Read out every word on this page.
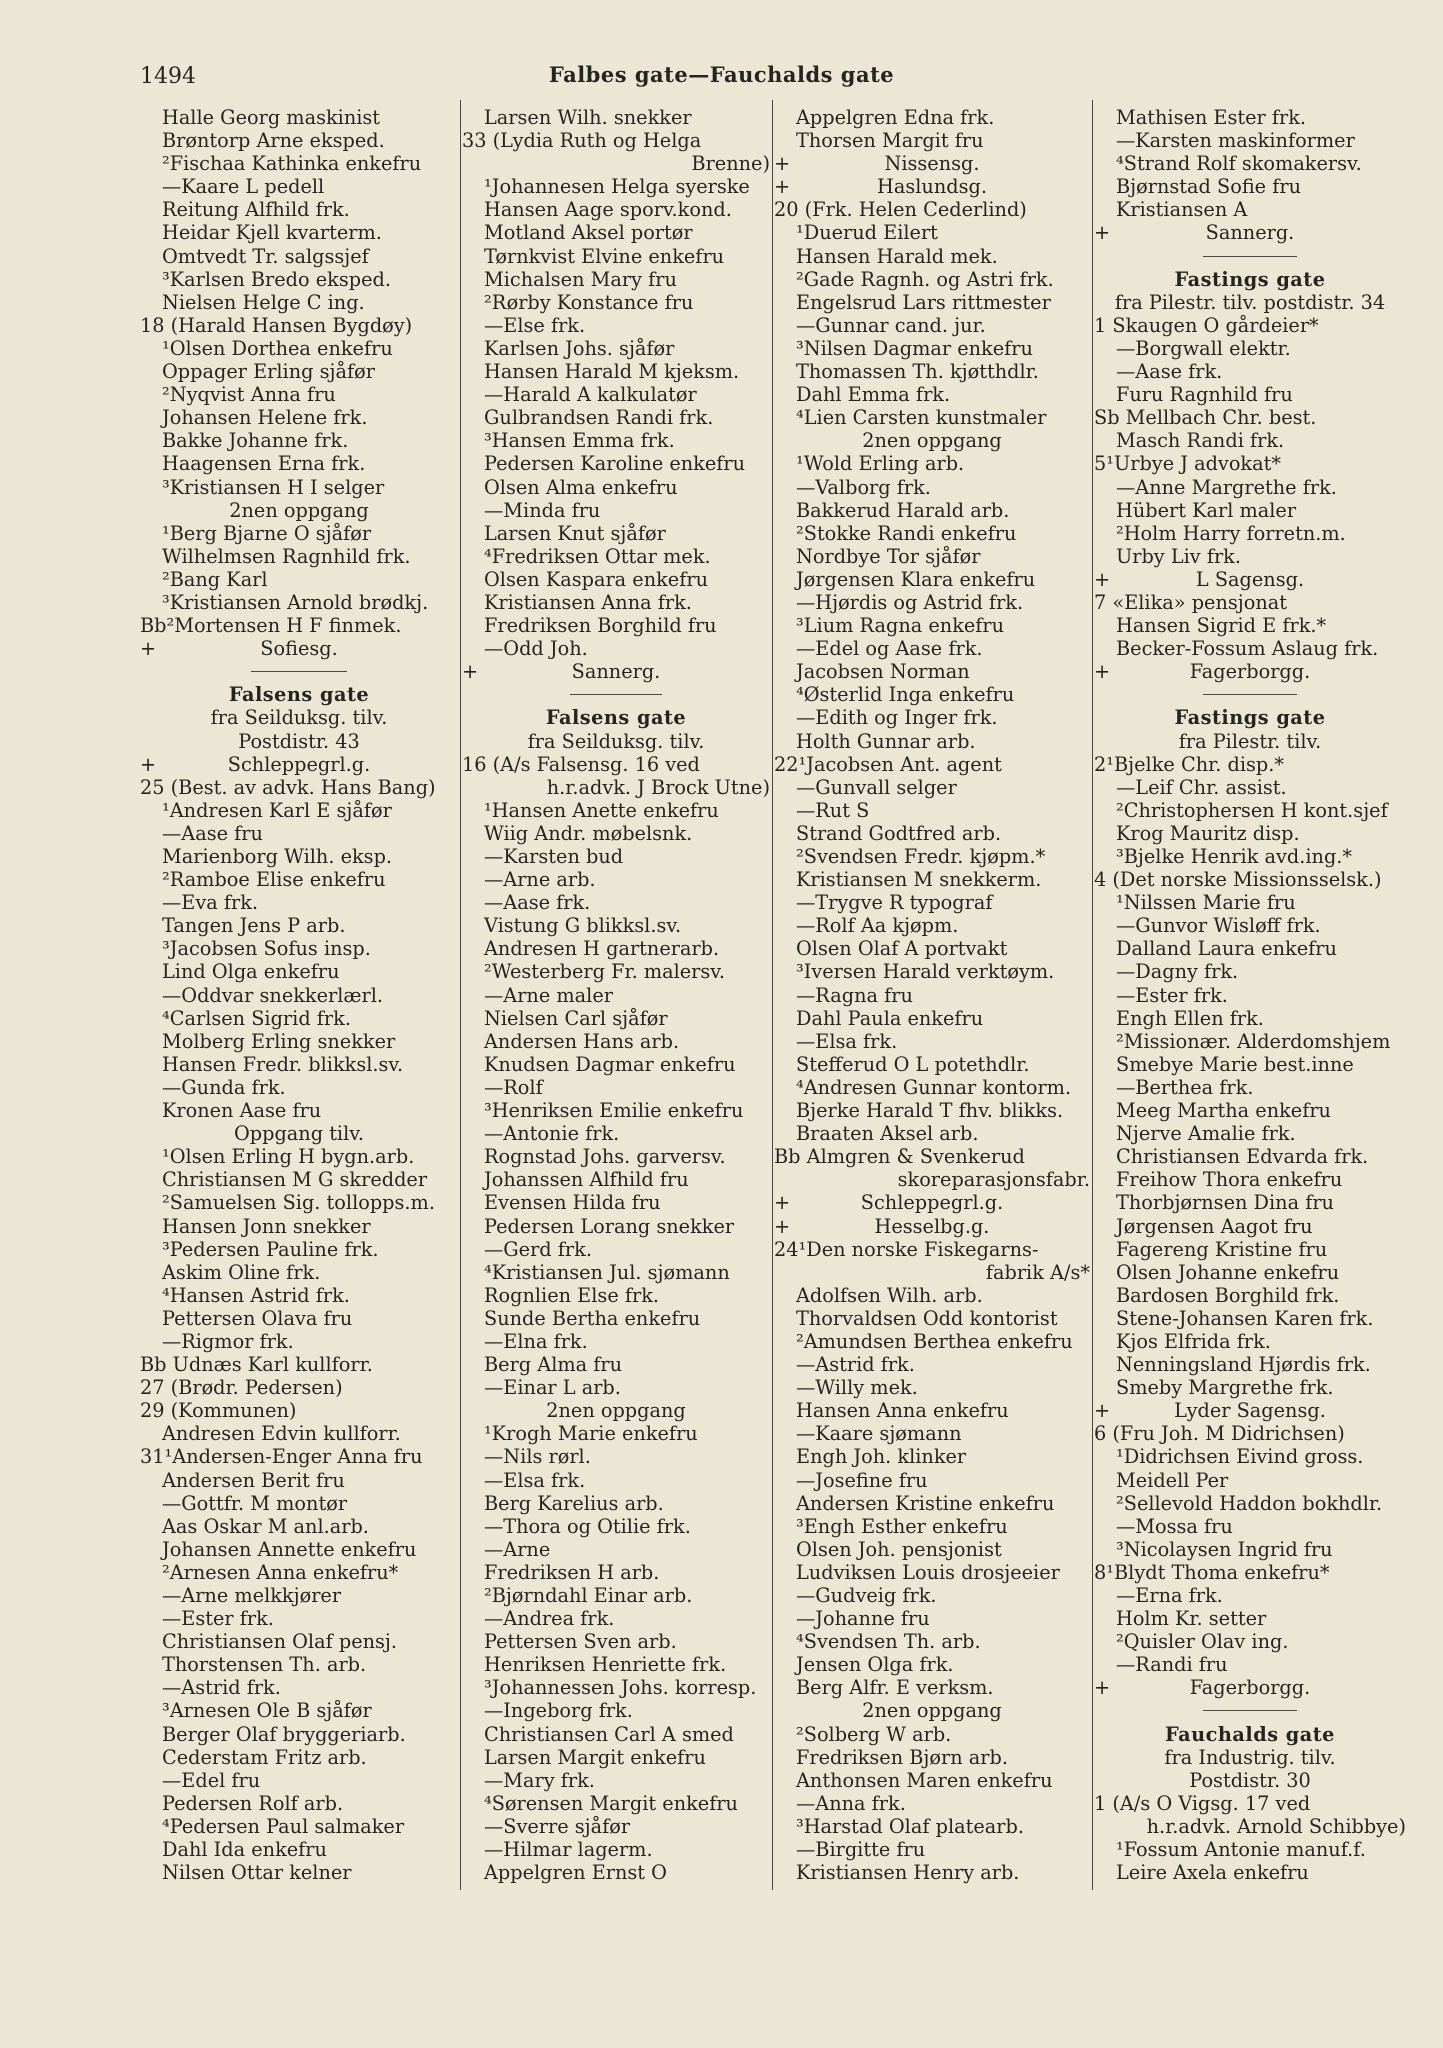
1494	Falbes gate—Fauchalds gate
Halle Georg maskinist
Brøntorp Arne eksped.
²Fischaa Kathinka enkefru
—Kaare L pedell
Reitung Alfhild frk.
Heidar Kjell kvarterm.
Omtvedt Tr. salgssjef
³Karlsen Bredo eksped.
Nielsen Helge C ing.
18 (Harald Hansen Bygdøy)
¹Olsen Dorthea enkefru
Oppager Erling sjåfør
²Nyqvist Anna fru
Johansen Helene frk.
Bakke Johanne frk.
Haagensen Erna frk.
³Kristiansen H I selger
2nen oppgang
¹Berg Bjarne O sjåfør
Wilhelmsen Ragnhild frk.
²Bang Karl
³Kristiansen Arnold brødkj.
Bb²Mortensen H F finmek.
+	Sofiesg.
Falsens gate
fra Seilduksg. tilv.
Postdistr. 43
+	Schleppegrl.g.
25 (Best. av advk. Hans Bang)
¹Andresen Karl E sjåfør
—Aase fru
Marienborg Wilh. eksp.
²Ramboe Elise enkefru
—Eva frk.
Tangen Jens P arb.
³Jacobsen Sofus insp.
Lind Olga enkefru
—Oddvar snekkerlærl.
⁴Carlsen Sigrid frk.
Molberg Erling snekker
Hansen Fredr. blikksl.sv.
—Gunda frk.
Kronen Aase fru
Oppgang tilv.
¹Olsen Erling H bygn.arb.
Christiansen M G skredder
²Samuelsen Sig. tollopps.m.
Hansen Jonn snekker
³Pedersen Pauline frk.
Askim Oline frk.
⁴Hansen Astrid frk.
Pettersen Olava fru
—Rigmor frk.
Bb Udnæs Karl kullforr.
27 (Brødr. Pedersen)
29 (Kommunen)
Andresen Edvin kullforr.
31¹Andersen-Enger Anna fru
Andersen Berit fru
—Gottfr. M montør
Aas Oskar M anl.arb.
Johansen Annette enkefru
²Arnesen Anna enkefru*
—Arne melkkjører
—Ester frk.
Christiansen Olaf pensj.
Thorstensen Th. arb.
—Astrid frk.
³Arnesen Ole B sjåfør
Berger Olaf bryggeriarb.
Cederstam Fritz arb.
—Edel fru
Pedersen Rolf arb.
⁴Pedersen Paul salmaker
Dahl Ida enkefru
Nilsen Ottar kelner
Larsen Wilh. snekker
33 (Lydia Ruth og Helga
Brenne)
¹Johannesen Helga syerske
Hansen Aage sporv.kond.
Motland Aksel portør
Tørnkvist Elvine enkefru
Michalsen Mary fru
²Rørby Konstance fru
—Else frk.
Karlsen Johs. sjåfør
Hansen Harald M kjeksm.
—Harald A kalkulatør
Gulbrandsen Randi frk.
³Hansen Emma frk.
Pedersen Karoline enkefru
Olsen Alma enkefru
—Minda fru
Larsen Knut sjåfør
⁴Fredriksen Ottar mek.
Olsen Kaspara enkefru
Kristiansen Anna frk.
Fredriksen Borghild fru
—Odd Joh.
+	Sannerg.
Falsens gate
fra Seilduksg. tilv.
16 (A/s Falsensg. 16 ved
h.r.advk. J Brock Utne)
¹Hansen Anette enkefru
Wiig Andr. møbelsnk.
—Karsten bud
—Arne arb.
—Aase frk.
Vistung G blikksl.sv.
Andresen H gartnerarb.
²Westerberg Fr. malersv.
—Arne maler
Nielsen Carl sjåfør
Andersen Hans arb.
Knudsen Dagmar enkefru
—Rolf
³Henriksen Emilie enkefru
—Antonie frk.
Rognstad Johs. garversv.
Johanssen Alfhild fru
Evensen Hilda fru
Pedersen Lorang snekker
—Gerd frk.
⁴Kristiansen Jul. sjømann
Rognlien Else frk.
Sunde Bertha enkefru
—Elna frk.
Berg Alma fru
—Einar L arb.
2nen oppgang
¹Krogh Marie enkefru
—Nils rørl.
—Elsa frk.
Berg Karelius arb.
—Thora og Otilie frk.
—Arne
Fredriksen H arb.
²Bjørndahl Einar arb.
—Andrea frk.
Pettersen Sven arb.
Henriksen Henriette frk.
³Johannessen Johs. korresp.
—Ingeborg frk.
Christiansen Carl A smed
Larsen Margit enkefru
—Mary frk.
⁴Sørensen Margit enkefru
—Sverre sjåfør
—Hilmar lagerm.
Appelgren Ernst O
Appelgren Edna frk.
Thorsen Margit fru
+	Nissensg.
+	Haslundsg.
20 (Frk. Helen Cederlind)
¹Duerud Eilert
Hansen Harald mek.
²Gade Ragnh. og Astri frk.
Engelsrud Lars rittmester
—Gunnar cand. jur.
³Nilsen Dagmar enkefru
Thomassen Th. kjøtthdlr.
Dahl Emma frk.
⁴Lien Carsten kunstmaler
2nen oppgang
¹Wold Erling arb.
—Valborg frk.
Bakkerud Harald arb.
²Stokke Randi enkefru
Nordbye Tor sjåfør
Jørgensen Klara enkefru
—Hjørdis og Astrid frk.
³Lium Ragna enkefru
—Edel og Aase frk.
Jacobsen Norman
⁴Østerlid Inga enkefru
—Edith og Inger frk.
Holth Gunnar arb.
22¹Jacobsen Ant. agent
—Gunvall selger
—Rut S
Strand Godtfred arb.
²Svendsen Fredr. kjøpm.*
Kristiansen M snekkerm.
—Trygve R typograf
—Rolf Aa kjøpm.
Olsen Olaf A portvakt
³Iversen Harald verktøym.
—Ragna fru
Dahl Paula enkefru
—Elsa frk.
Stefferud O L potethdlr.
⁴Andresen Gunnar kontorm.
Bjerke Harald T fhv. blikks.
Braaten Aksel arb.
Bb Almgren & Svenkerud
skoreparasjonsfabr.
+	Schleppegrl.g.
+	Hesselbg.g.
24¹Den norske Fiskegarns-
fabrik A/s*
Adolfsen Wilh. arb.
Thorvaldsen Odd kontorist
²Amundsen Berthea enkefru
—Astrid frk.
—Willy mek.
Hansen Anna enkefru
—Kaare sjømann
Engh Joh. klinker
—Josefine fru
Andersen Kristine enkefru
³Engh Esther enkefru
Olsen Joh. pensjonist
Ludviksen Louis drosjeeier
—Gudveig frk.
—Johanne fru
⁴Svendsen Th. arb.
Jensen Olga frk.
Berg Alfr. E verksm.
2nen oppgang
²Solberg W arb.
Fredriksen Bjørn arb.
Anthonsen Maren enkefru
—Anna frk.
³Harstad Olaf platearb.
—Birgitte fru
Kristiansen Henry arb.
Mathisen Ester frk.
—Karsten maskinformer
⁴Strand Rolf skomakersv.
Bjørnstad Sofie fru
Kristiansen A
+	Sannerg.
Fastings gate
fra Pilestr. tilv. postdistr. 34
1 Skaugen O gårdeier*
—Borgwall elektr.
—Aase frk.
Furu Ragnhild fru
Sb Mellbach Chr. best.
Masch Randi frk.
5¹Urbye J advokat*
—Anne Margrethe frk.
Hübert Karl maler
²Holm Harry forretn.m.
Urby Liv frk.
+	L Sagensg.
7 «Elika» pensjonat
Hansen Sigrid E frk.*
Becker-Fossum Aslaug frk.
+	Fagerborgg.
Fastings gate
fra Pilestr. tilv.
2¹Bjelke Chr. disp.*
—Leif Chr. assist.
²Christophersen H kont.sjef
Krog Mauritz disp.
³Bjelke Henrik avd.ing.*
4 (Det norske Missionsselsk.)
¹Nilssen Marie fru
—Gunvor Wisløff frk.
Dalland Laura enkefru
—Dagny frk.
—Ester frk.
Engh Ellen frk.
²Missionær. Alderdomshjem
Smebye Marie best.inne
—Berthea frk.
Meeg Martha enkefru
Njerve Amalie frk.
Christiansen Edvarda frk.
Freihow Thora enkefru
Thorbjørnsen Dina fru
Jørgensen Aagot fru
Fagereng Kristine fru
Olsen Johanne enkefru
Bardosen Borghild frk.
Stene-Johansen Karen frk.
Kjos Elfrida frk.
Nenningsland Hjørdis frk.
Smeby Margrethe frk.
+	Lyder Sagensg.
6 (Fru Joh. M Didrichsen)
¹Didrichsen Eivind gross.
Meidell Per
²Sellevold Haddon bokhdlr.
—Mossa fru
³Nicolaysen Ingrid fru
8¹Blydt Thoma enkefru*
—Erna frk.
Holm Kr. setter
²Quisler Olav ing.
—Randi fru
+	Fagerborgg.
Fauchalds gate
fra Industrig. tilv.
Postdistr. 30
1 (A/s O Vigsg. 17 ved
h.r.advk. Arnold Schibbye)
¹Fossum Antonie manuf.f.
Leire Axela enkefru
